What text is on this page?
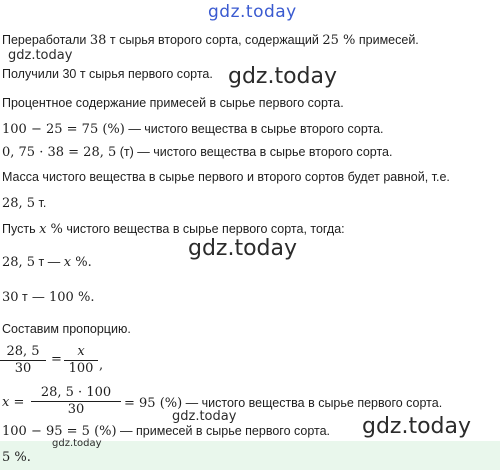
gdz.today
Переработали 38 т сырья второго сорта, содержащий 25 % примесей.
gdz.today
Получили 30 т сырья первого сорта. gdz.today
Процентное содержание примесей в сырье первого сорта.
100 − 25 = 75 (%) — чистого вещества в сырье второго сорта.
0, 75 · 38 = 28, 5 (т) — чистого вещества в сырье второго сорта.
Масса чистого вещества в сырье первого и второго сортов будет равной, т.е.
28, 5 т.
Пусть x % чистого вещества в сырье первого сорта, тогда:
gdz.today
28, 5 т — x %.
30 т — 100 %.
Составим пропорцию.
$\frac{28, 5}{30} = \frac{x}{100}$ ,
$x = \frac{28, 5 \cdot 100}{30} = 95$ (%) — чистого вещества в сырье первого сорта.
gdz.today
100 − 95 = 5 (%) — примесей в сырье первого сорта. gdz.today
gdz.today
5 %.
